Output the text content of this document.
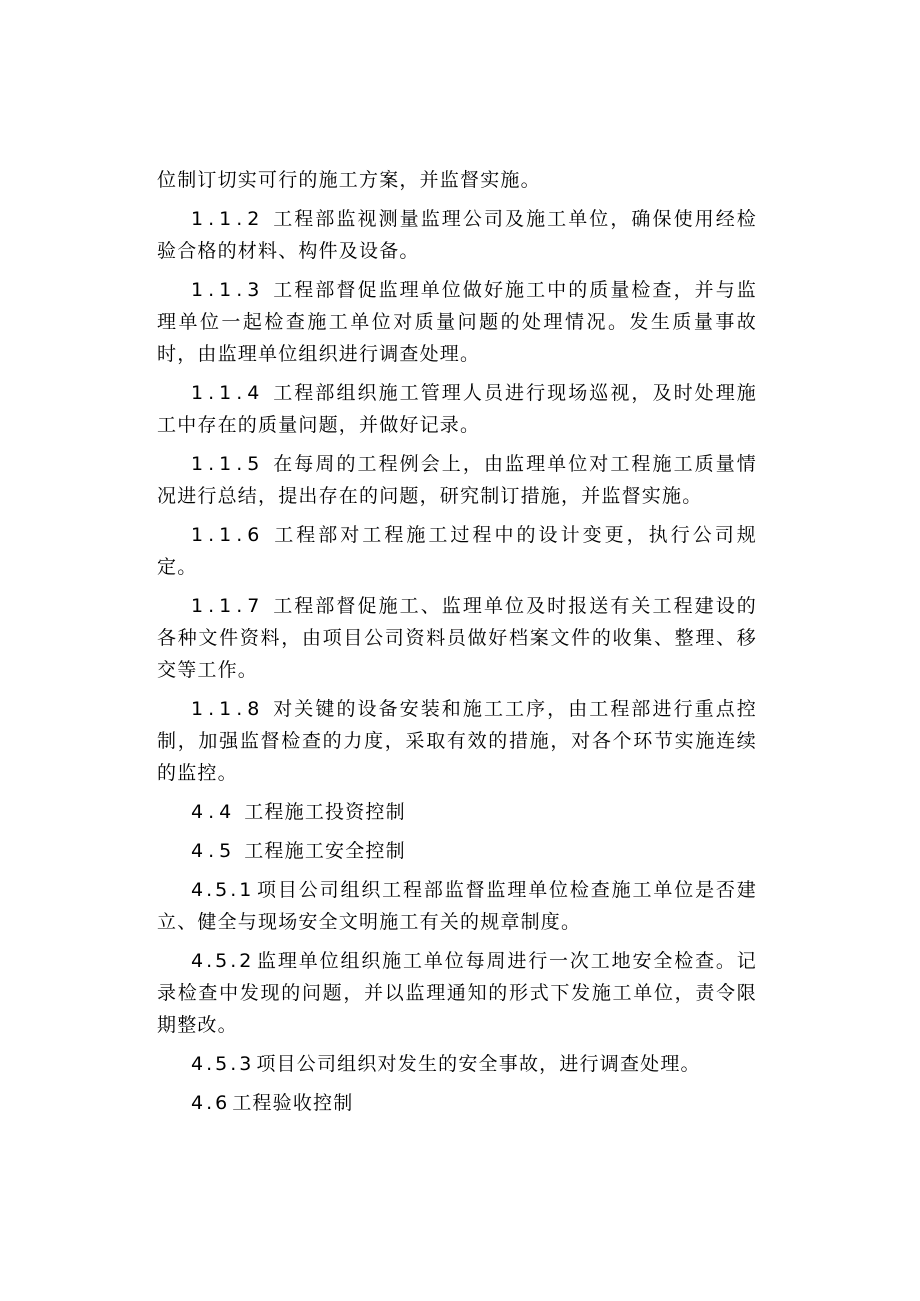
位制订切实可行的施工方案，并监督实施。

1.1.2 工程部监视测量监理公司及施工单位，确保使用经检验合格的材料、构件及设备。

1.1.3 工程部督促监理单位做好施工中的质量检查，并与监理单位一起检查施工单位对质量问题的处理情况。发生质量事故时，由监理单位组织进行调查处理。

1.1.4 工程部组织施工管理人员进行现场巡视，及时处理施工中存在的质量问题，并做好记录。

1.1.5 在每周的工程例会上，由监理单位对工程施工质量情况进行总结，提出存在的问题，研究制订措施，并监督实施。

1.1.6 工程部对工程施工过程中的设计变更，执行公司规定。

1.1.7 工程部督促施工、监理单位及时报送有关工程建设的各种文件资料，由项目公司资料员做好档案文件的收集、整理、移交等工作。

1.1.8 对关键的设备安装和施工工序，由工程部进行重点控制，加强监督检查的力度，采取有效的措施，对各个环节实施连续的监控。

4.4 工程施工投资控制

4.5 工程施工安全控制

4.5.1 项目公司组织工程部监督监理单位检查施工单位是否建立、健全与现场安全文明施工有关的规章制度。

4.5.2 监理单位组织施工单位每周进行一次工地安全检查。记录检查中发现的问题，并以监理通知的形式下发施工单位，责令限期整改。

4.5.3 项目公司组织对发生的安全事故，进行调查处理。

4.6 工程验收控制
